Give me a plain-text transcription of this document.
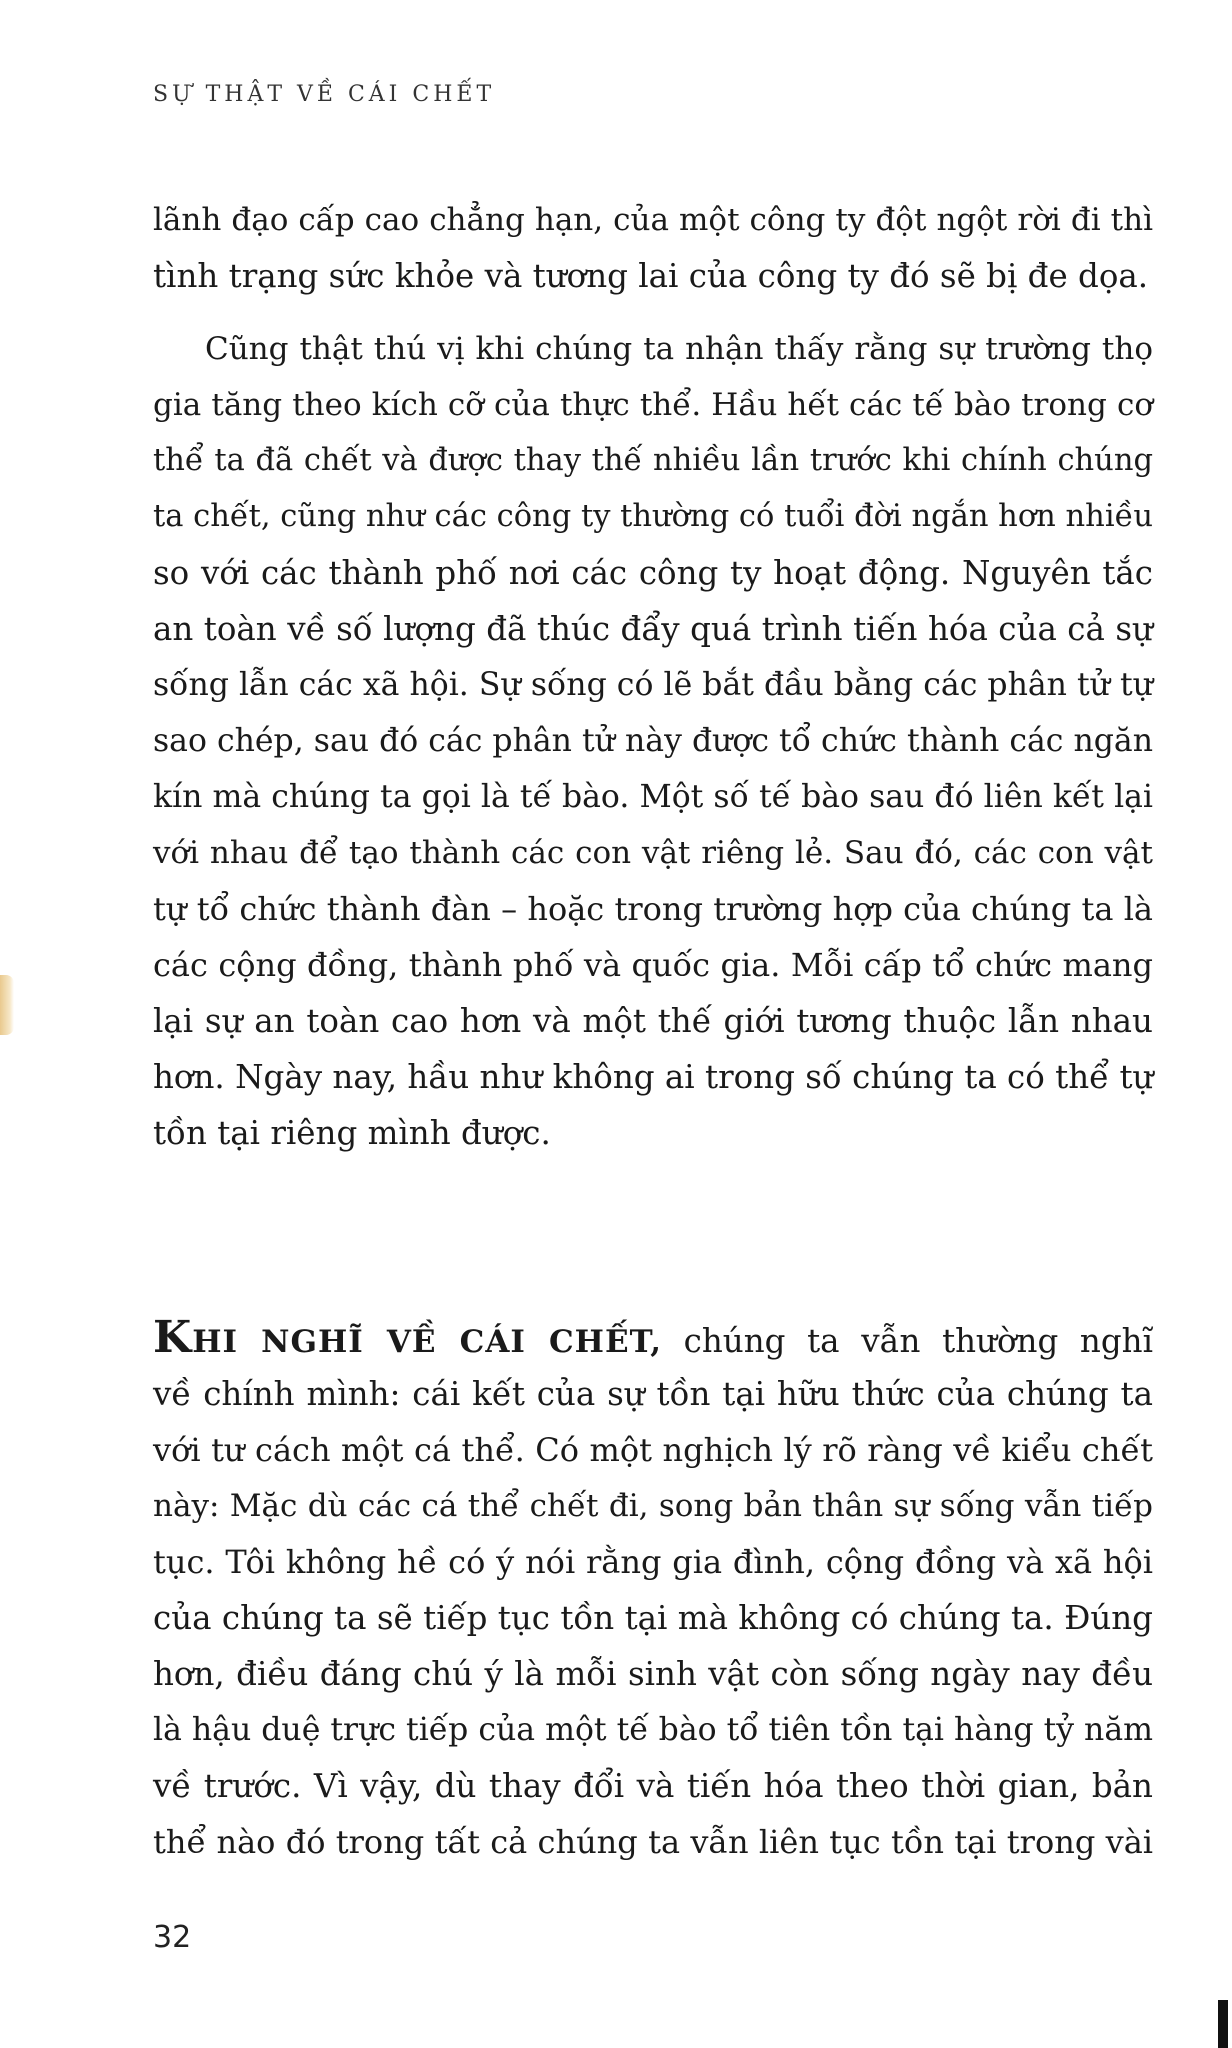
SỰ THẬT VỀ CÁI CHẾT
lãnh đạo cấp cao chẳng hạn, của một công ty đột ngột rời đi thì
tình trạng sức khỏe và tương lai của công ty đó sẽ bị đe dọa.
Cũng thật thú vị khi chúng ta nhận thấy rằng sự trường thọ
gia tăng theo kích cỡ của thực thể. Hầu hết các tế bào trong cơ
thể ta đã chết và được thay thế nhiều lần trước khi chính chúng
ta chết, cũng như các công ty thường có tuổi đời ngắn hơn nhiều
so với các thành phố nơi các công ty hoạt động. Nguyên tắc
an toàn về số lượng đã thúc đẩy quá trình tiến hóa của cả sự
sống lẫn các xã hội. Sự sống có lẽ bắt đầu bằng các phân tử tự
sao chép, sau đó các phân tử này được tổ chức thành các ngăn
kín mà chúng ta gọi là tế bào. Một số tế bào sau đó liên kết lại
với nhau để tạo thành các con vật riêng lẻ. Sau đó, các con vật
tự tổ chức thành đàn – hoặc trong trường hợp của chúng ta là
các cộng đồng, thành phố và quốc gia. Mỗi cấp tổ chức mang
lại sự an toàn cao hơn và một thế giới tương thuộc lẫn nhau
hơn. Ngày nay, hầu như không ai trong số chúng ta có thể tự
tồn tại riêng mình được.
KHI NGHĨ VỀ CÁI CHẾT, chúng ta vẫn thường nghĩ
về chính mình: cái kết của sự tồn tại hữu thức của chúng ta
với tư cách một cá thể. Có một nghịch lý rõ ràng về kiểu chết
này: Mặc dù các cá thể chết đi, song bản thân sự sống vẫn tiếp
tục. Tôi không hề có ý nói rằng gia đình, cộng đồng và xã hội
của chúng ta sẽ tiếp tục tồn tại mà không có chúng ta. Đúng
hơn, điều đáng chú ý là mỗi sinh vật còn sống ngày nay đều
là hậu duệ trực tiếp của một tế bào tổ tiên tồn tại hàng tỷ năm
về trước. Vì vậy, dù thay đổi và tiến hóa theo thời gian, bản
thể nào đó trong tất cả chúng ta vẫn liên tục tồn tại trong vài
32
